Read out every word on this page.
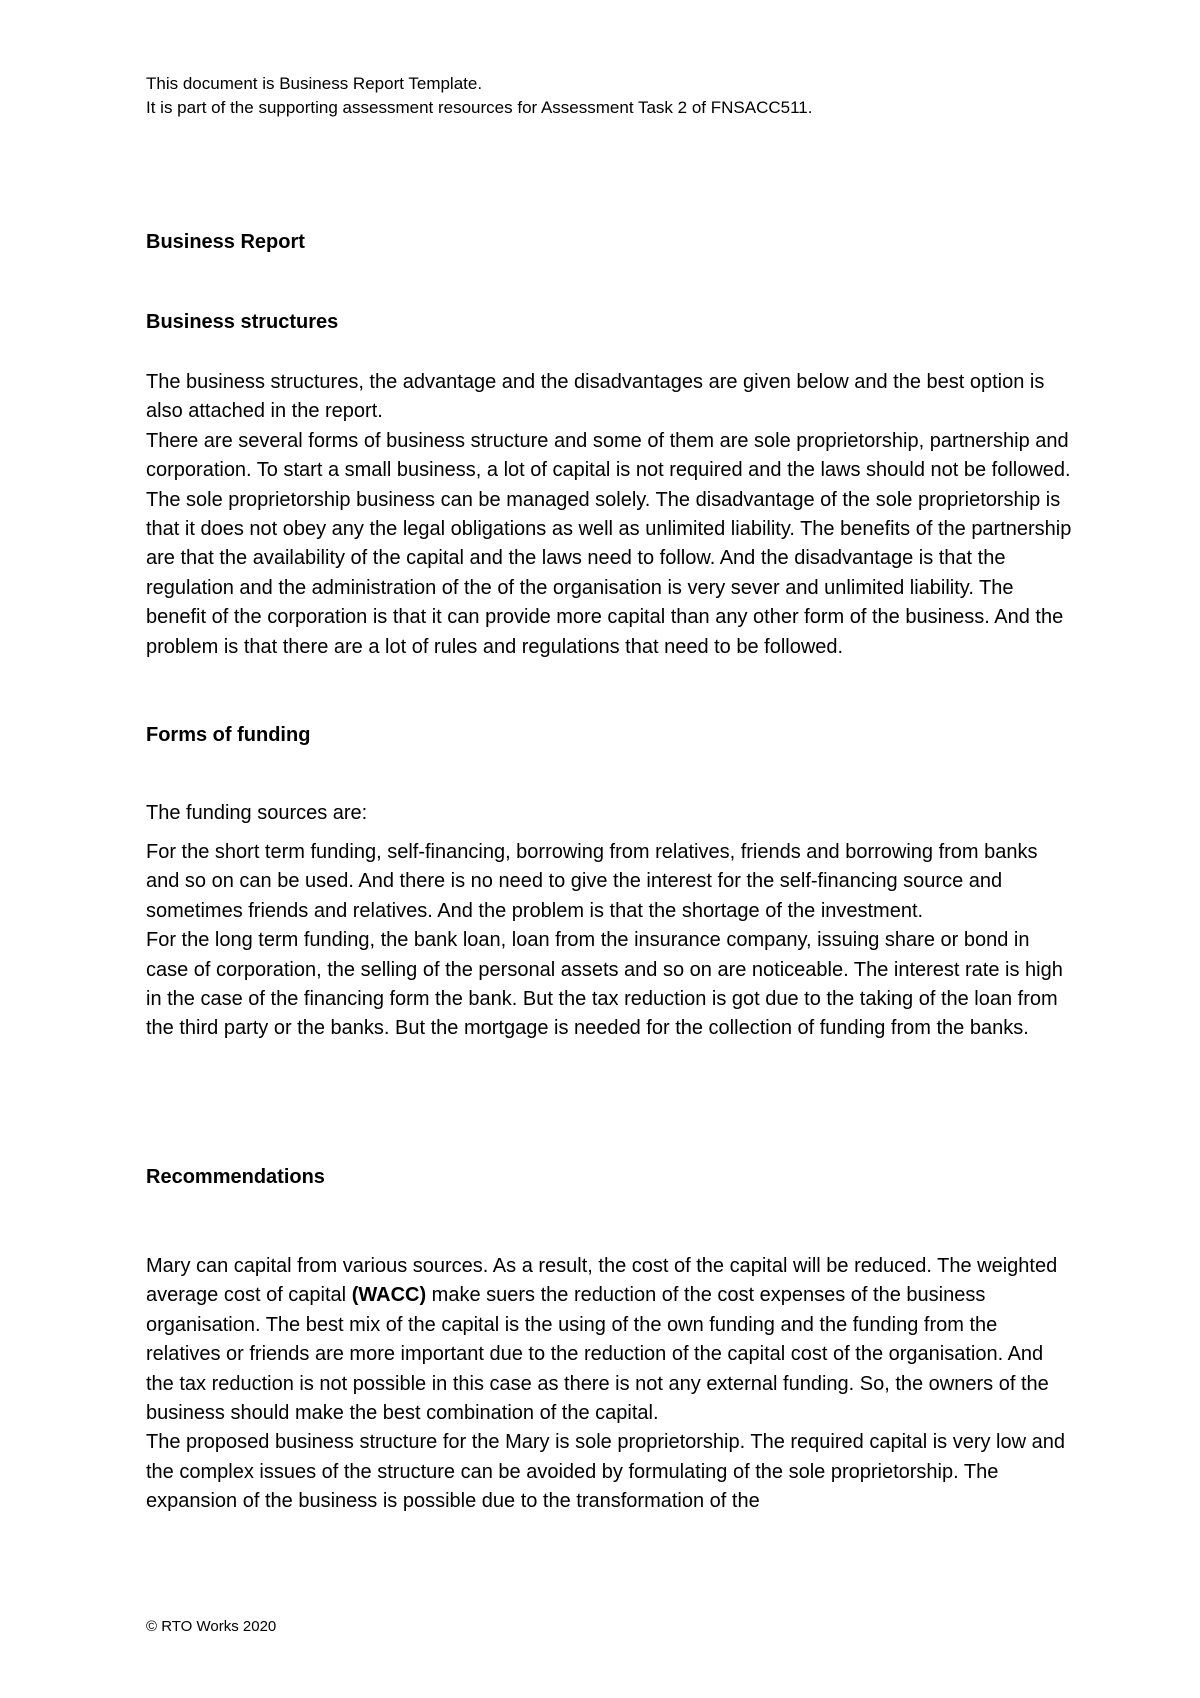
This document is Business Report Template.

It is part of the supporting assessment resources for Assessment Task 2 of FNSACC511.

Business Report
Business structures

The business structures, the advantage and the disadvantages are given below and the best option is also attached in the report.

There are several forms of business structure and some of them are sole proprietorship, partnership and corporation. To start a small business, a lot of capital is not required and the laws should not be followed. The sole proprietorship business can be managed solely. The disadvantage of the sole proprietorship is that it does not obey any the legal obligations as well as unlimited liability. The benefits of the partnership are that the availability of the capital and the laws need to follow. And the disadvantage is that the regulation and the administration of the of the organisation is very sever and unlimited liability. The benefit of the corporation is that it can provide more capital than any other form of the business. And the problem is that there are a lot of rules and regulations that need to be followed.

Forms of funding

The funding sources are:

For the short term funding, self-financing, borrowing from relatives, friends and borrowing from banks and so on can be used. And there is no need to give the interest for the self-financing source and sometimes friends and relatives. And the problem is that the shortage of the investment.

For the long term funding, the bank loan, loan from the insurance company, issuing share or bond in case of corporation, the selling of the personal assets and so on are noticeable. The interest rate is high in the case of the financing form the bank. But the tax reduction is got due to the taking of the loan from the third party or the banks. But the mortgage is needed for the collection of funding from the banks.

Recommendations

Mary can capital from various sources. As a result, the cost of the capital will be reduced. The weighted average cost of capital (WACC) make suers the reduction of the cost expenses of the business organisation. The best mix of the capital is the using of the own funding and the funding from the relatives or friends are more important due to the reduction of the capital cost of the organisation. And the tax reduction is not possible in this case as there is not any external funding. So, the owners of the business should make the best combination of the capital.

The proposed business structure for the Mary is sole proprietorship. The required capital is very low and the complex issues of the structure can be avoided by formulating of the sole proprietorship. The expansion of the business is possible due to the transformation of the

© RTO Works 2020
